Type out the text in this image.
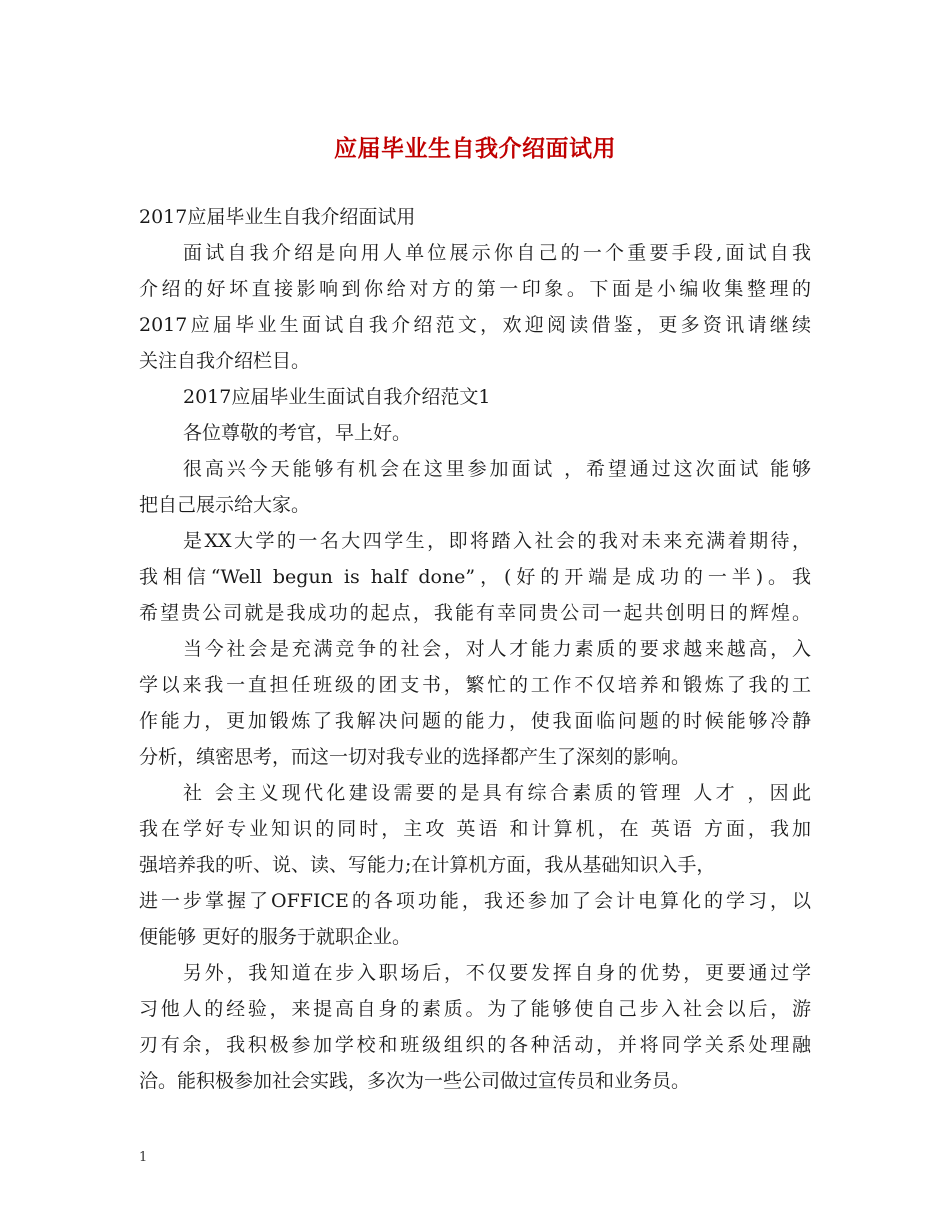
应届毕业生自我介绍面试用
2017应届毕业生自我介绍面试用
面试自我介绍是向用人单位展示你自己的一个重要手段,面试自我
介绍的好坏直接影响到你给对方的第一印象。下面是小编收集整理的
2017应届毕业生面试自我介绍范文，欢迎阅读借鉴，更多资讯请继续
关注自我介绍栏目。
2017应届毕业生面试自我介绍范文1
各位尊敬的考官，早上好。
很高兴今天能够有机会在这里参加面试 ，希望通过这次面试 能够
把自己展示给大家。
是XX大学的一名大四学生，即将踏入社会的我对未来充满着期待，
我相信“Well begun is half done”，(好的开端是成功的一半)。我
希望贵公司就是我成功的起点，我能有幸同贵公司一起共创明日的辉煌。
当今社会是充满竞争的社会，对人才能力素质的要求越来越高，入
学以来我一直担任班级的团支书，繁忙的工作不仅培养和锻炼了我的工
作能力，更加锻炼了我解决问题的能力，使我面临问题的时候能够冷静
分析，缜密思考，而这一切对我专业的选择都产生了深刻的影响。
社 会主义现代化建设需要的是具有综合素质的管理 人才 ，因此
我在学好专业知识的同时，主攻 英语 和计算机，在 英语 方面，我加
强培养我的听、说、读、写能力;在计算机方面，我从基础知识入手，
进一步掌握了OFFICE的各项功能，我还参加了会计电算化的学习，以
便能够 更好的服务于就职企业。
另外，我知道在步入职场后，不仅要发挥自身的优势，更要通过学
习他人的经验，来提高自身的素质。为了能够使自己步入社会以后，游
刃有余，我积极参加学校和班级组织的各种活动，并将同学关系处理融
洽。能积极参加社会实践，多次为一些公司做过宣传员和业务员。
1
